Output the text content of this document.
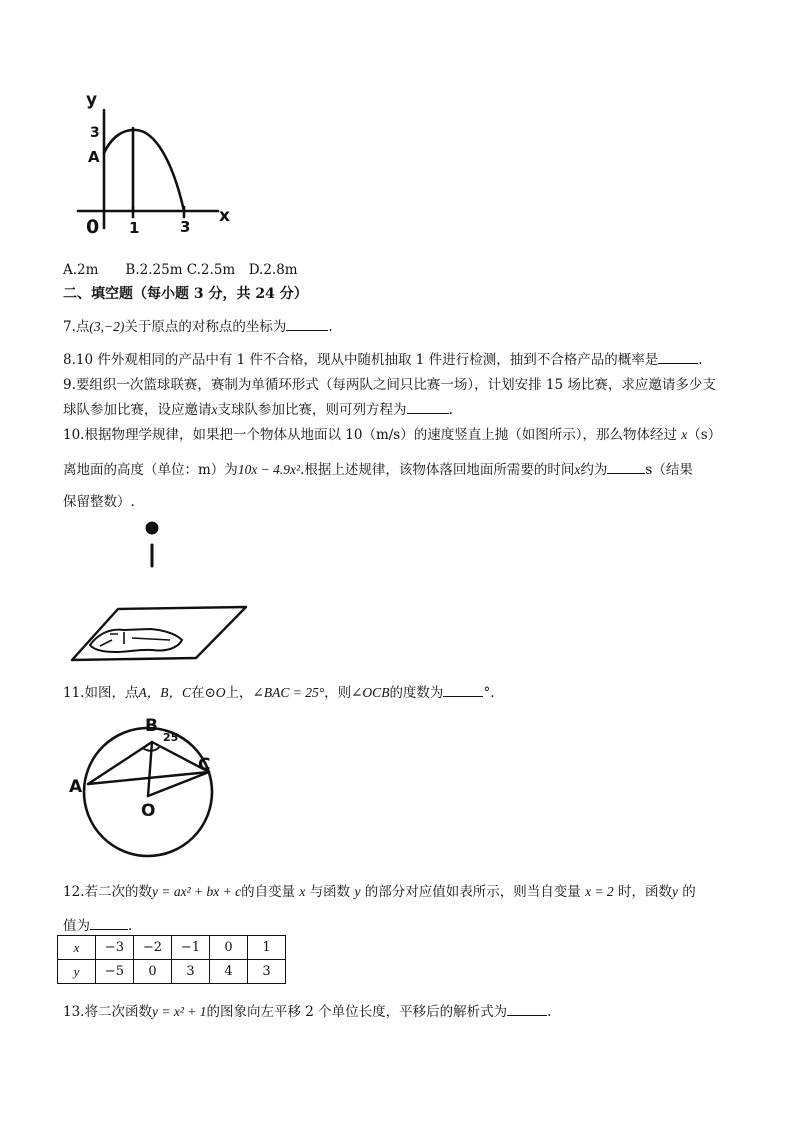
y
x
0 1	3
3
A
A.2m　　B.2.25m C.2.5m　D.2.8m
二、填空题（每小题 3 分，共 24 分）
7.点(3,−2)关于原点的对称点的坐标为	.
8.10 件外观相同的产品中有 1 件不合格，现从中随机抽取 1 件进行检测，抽到不合格产品的概率是	.
9.要组织一次篮球联赛，赛制为单循环形式（每两队之间只比赛一场），计划安排 15 场比赛，求应邀请多少支
球队参加比赛，设应邀请x支球队参加比赛，则可列方程为	.
10.根据物理学规律，如果把一个物体从地面以 10（m/s）的速度竖直上抛（如图所示），那么物体经过 x（s）
离地面的高度（单位：m）为10x − 4.9x².根据上述规律，该物体落回地面所需要的时间x约为	s（结果
保留整数）.
11.如图，点A，B，C在⊙O上，∠BAC = 25°，则∠OCB的度数为	°.
B
25
C
A
O
12.若二次的数y = ax² + bx + c的自变量 x 与函数 y 的部分对应值如表所示，则当自变量 x = 2 时，函数y 的
值为	.
x	−3	−2	−1	0	1
y	−5	0	3	4	3
13.将二次函数y = x² + 1的图象向左平移 2 个单位长度，平移后的解析式为	.
